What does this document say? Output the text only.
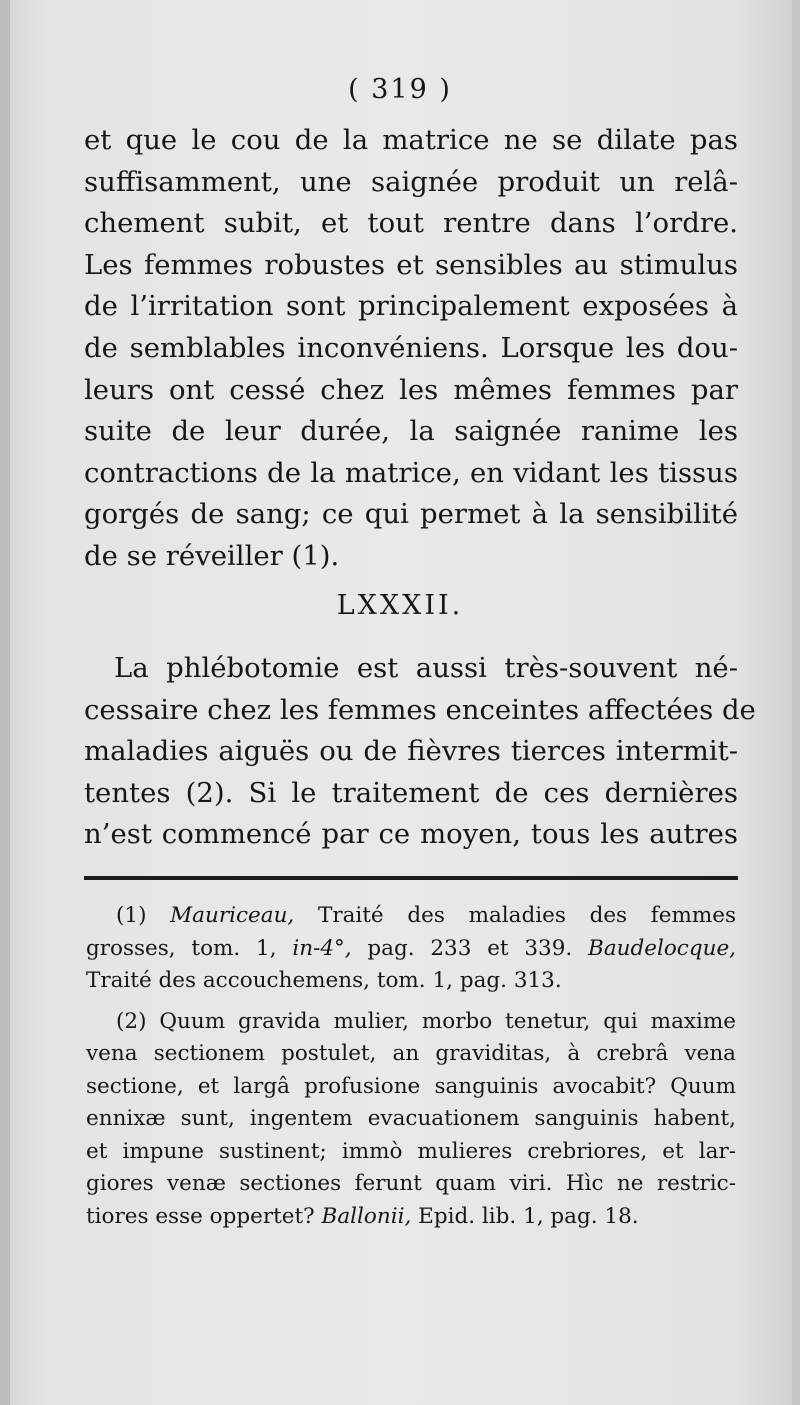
( 319 )
et que le cou de la matrice ne se dilate pas
suffisamment, une saignée produit un relâ-
chement subit, et tout rentre dans l’ordre.
Les femmes robustes et sensibles au stimulus
de l’irritation sont principalement exposées à
de semblables inconvéniens. Lorsque les dou-
leurs ont cessé chez les mêmes femmes par
suite de leur durée, la saignée ranime les
contractions de la matrice, en vidant les tissus
gorgés de sang; ce qui permet à la sensibilité
de se réveiller (1).
LXXXII.
La phlébotomie est aussi très-souvent né-
cessaire chez les femmes enceintes affectées de
maladies aiguës ou de fièvres tierces intermit-
tentes (2). Si le traitement de ces dernières
n’est commencé par ce moyen, tous les autres
(1) Mauriceau, Traité des maladies des femmes
grosses, tom. 1, in-4°, pag. 233 et 339. Baudelocque,
Traité des accouchemens, tom. 1, pag. 313.
(2) Quum gravida mulier, morbo tenetur, qui maxime
vena sectionem postulet, an graviditas, à crebrâ vena
sectione, et largâ profusione sanguinis avocabit? Quum
ennixæ sunt, ingentem evacuationem sanguinis habent,
et impune sustinent; immò mulieres crebriores, et lar-
giores venæ sectiones ferunt quam viri. Hìc ne restric-
tiores esse oppertet? Ballonii, Epid. lib. 1, pag. 18.
